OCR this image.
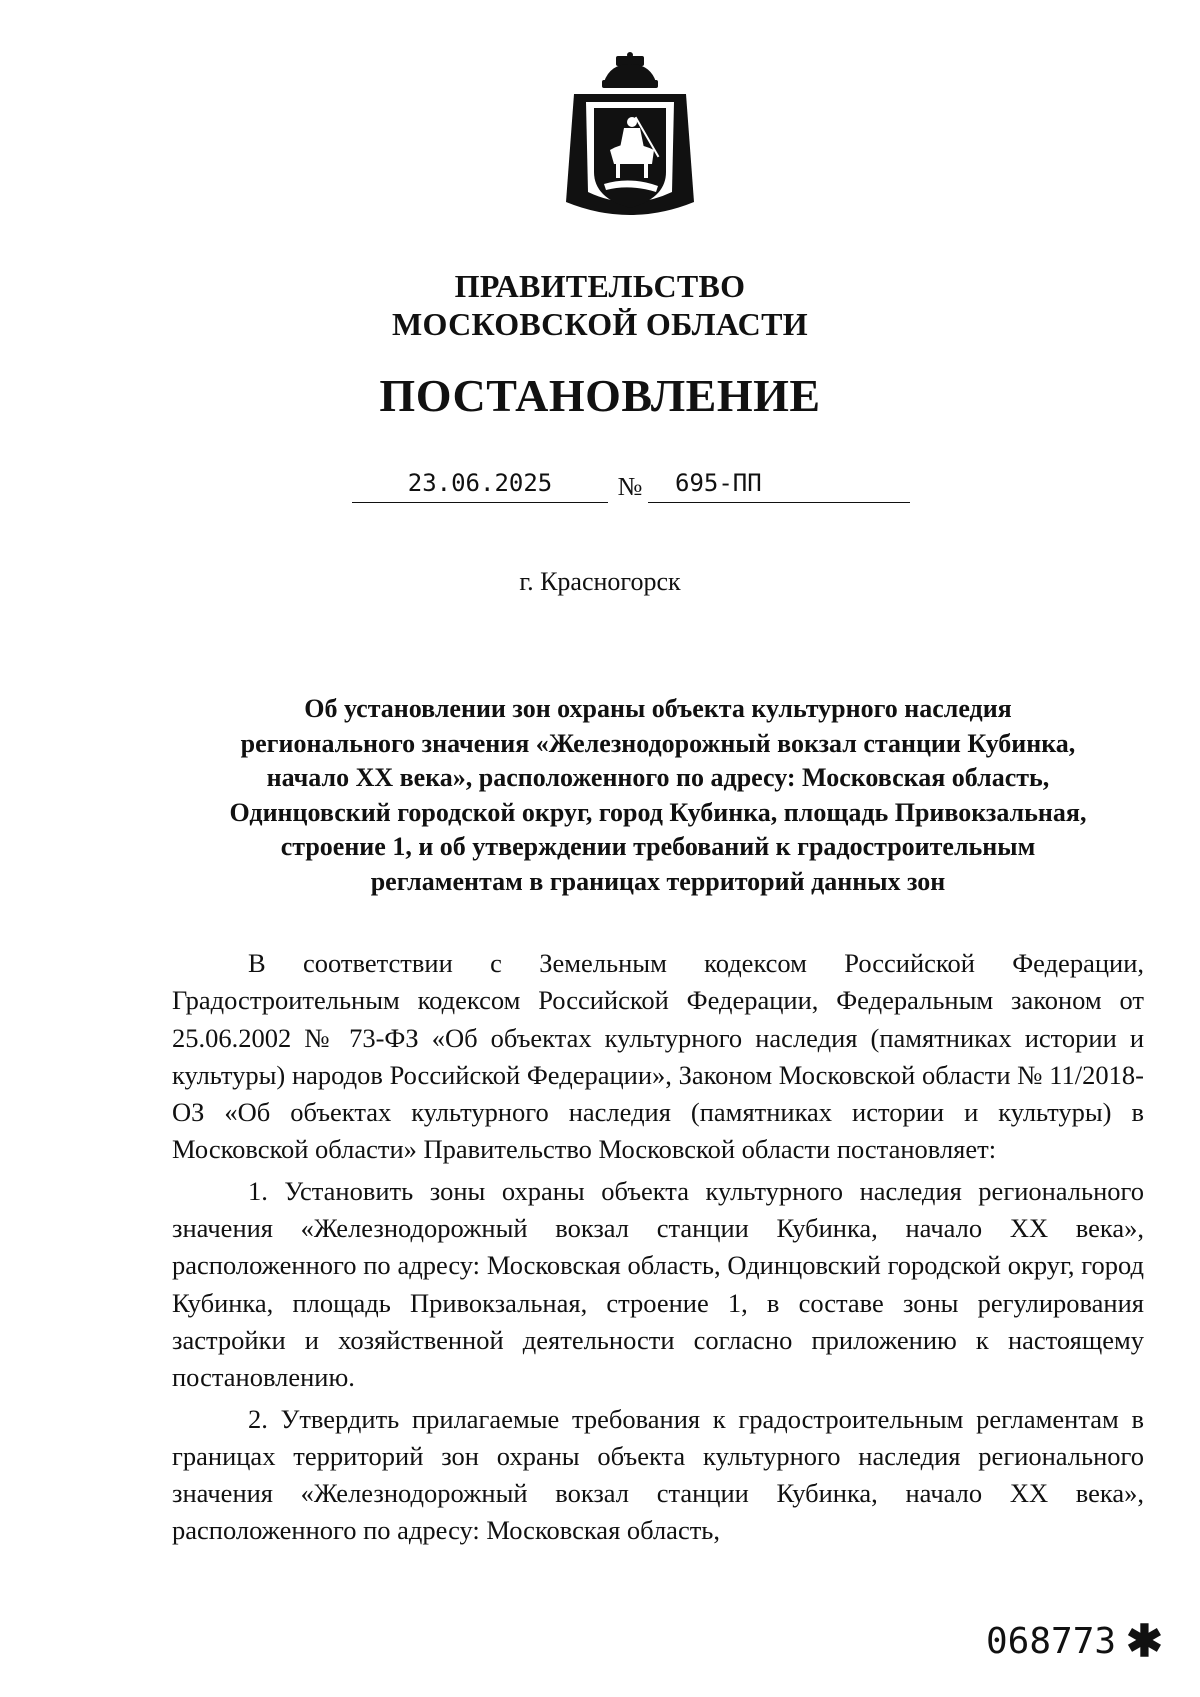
ПРАВИТЕЛЬСТВО
МОСКОВСКОЙ ОБЛАСТИ
ПОСТАНОВЛЕНИЕ
23.06.2025	№ 695-ПП
г. Красногорск
Об установлении зон охраны объекта культурного наследия
регионального значения «Железнодорожный вокзал станции Кубинка,
начало XX века», расположенного по адресу: Московская область,
Одинцовский городской округ, город Кубинка, площадь Привокзальная,
строение 1, и об утверждении требований к градостроительным
регламентам в границах территорий данных зон

В соответствии с Земельным кодексом Российской Федерации, Градостроительным кодексом Российской Федерации, Федеральным законом от 25.06.2002 № 73-ФЗ «Об объектах культурного наследия (памятниках истории и культуры) народов Российской Федерации», Законом Московской области № 11/2018-ОЗ «Об объектах культурного наследия (памятниках истории и культуры) в Московской области» Правительство Московской области постановляет:

1. Установить зоны охраны объекта культурного наследия регионального значения «Железнодорожный вокзал станции Кубинка, начало XX века», расположенного по адресу: Московская область, Одинцовский городской округ, город Кубинка, площадь Привокзальная, строение 1, в составе зоны регулирования застройки и хозяйственной деятельности согласно приложению к настоящему постановлению.

2. Утвердить прилагаемые требования к градостроительным регламентам в границах территорий зон охраны объекта культурного наследия регионального значения «Железнодорожный вокзал станции Кубинка, начало XX века», расположенного по адресу: Московская область,

068773 ✱
